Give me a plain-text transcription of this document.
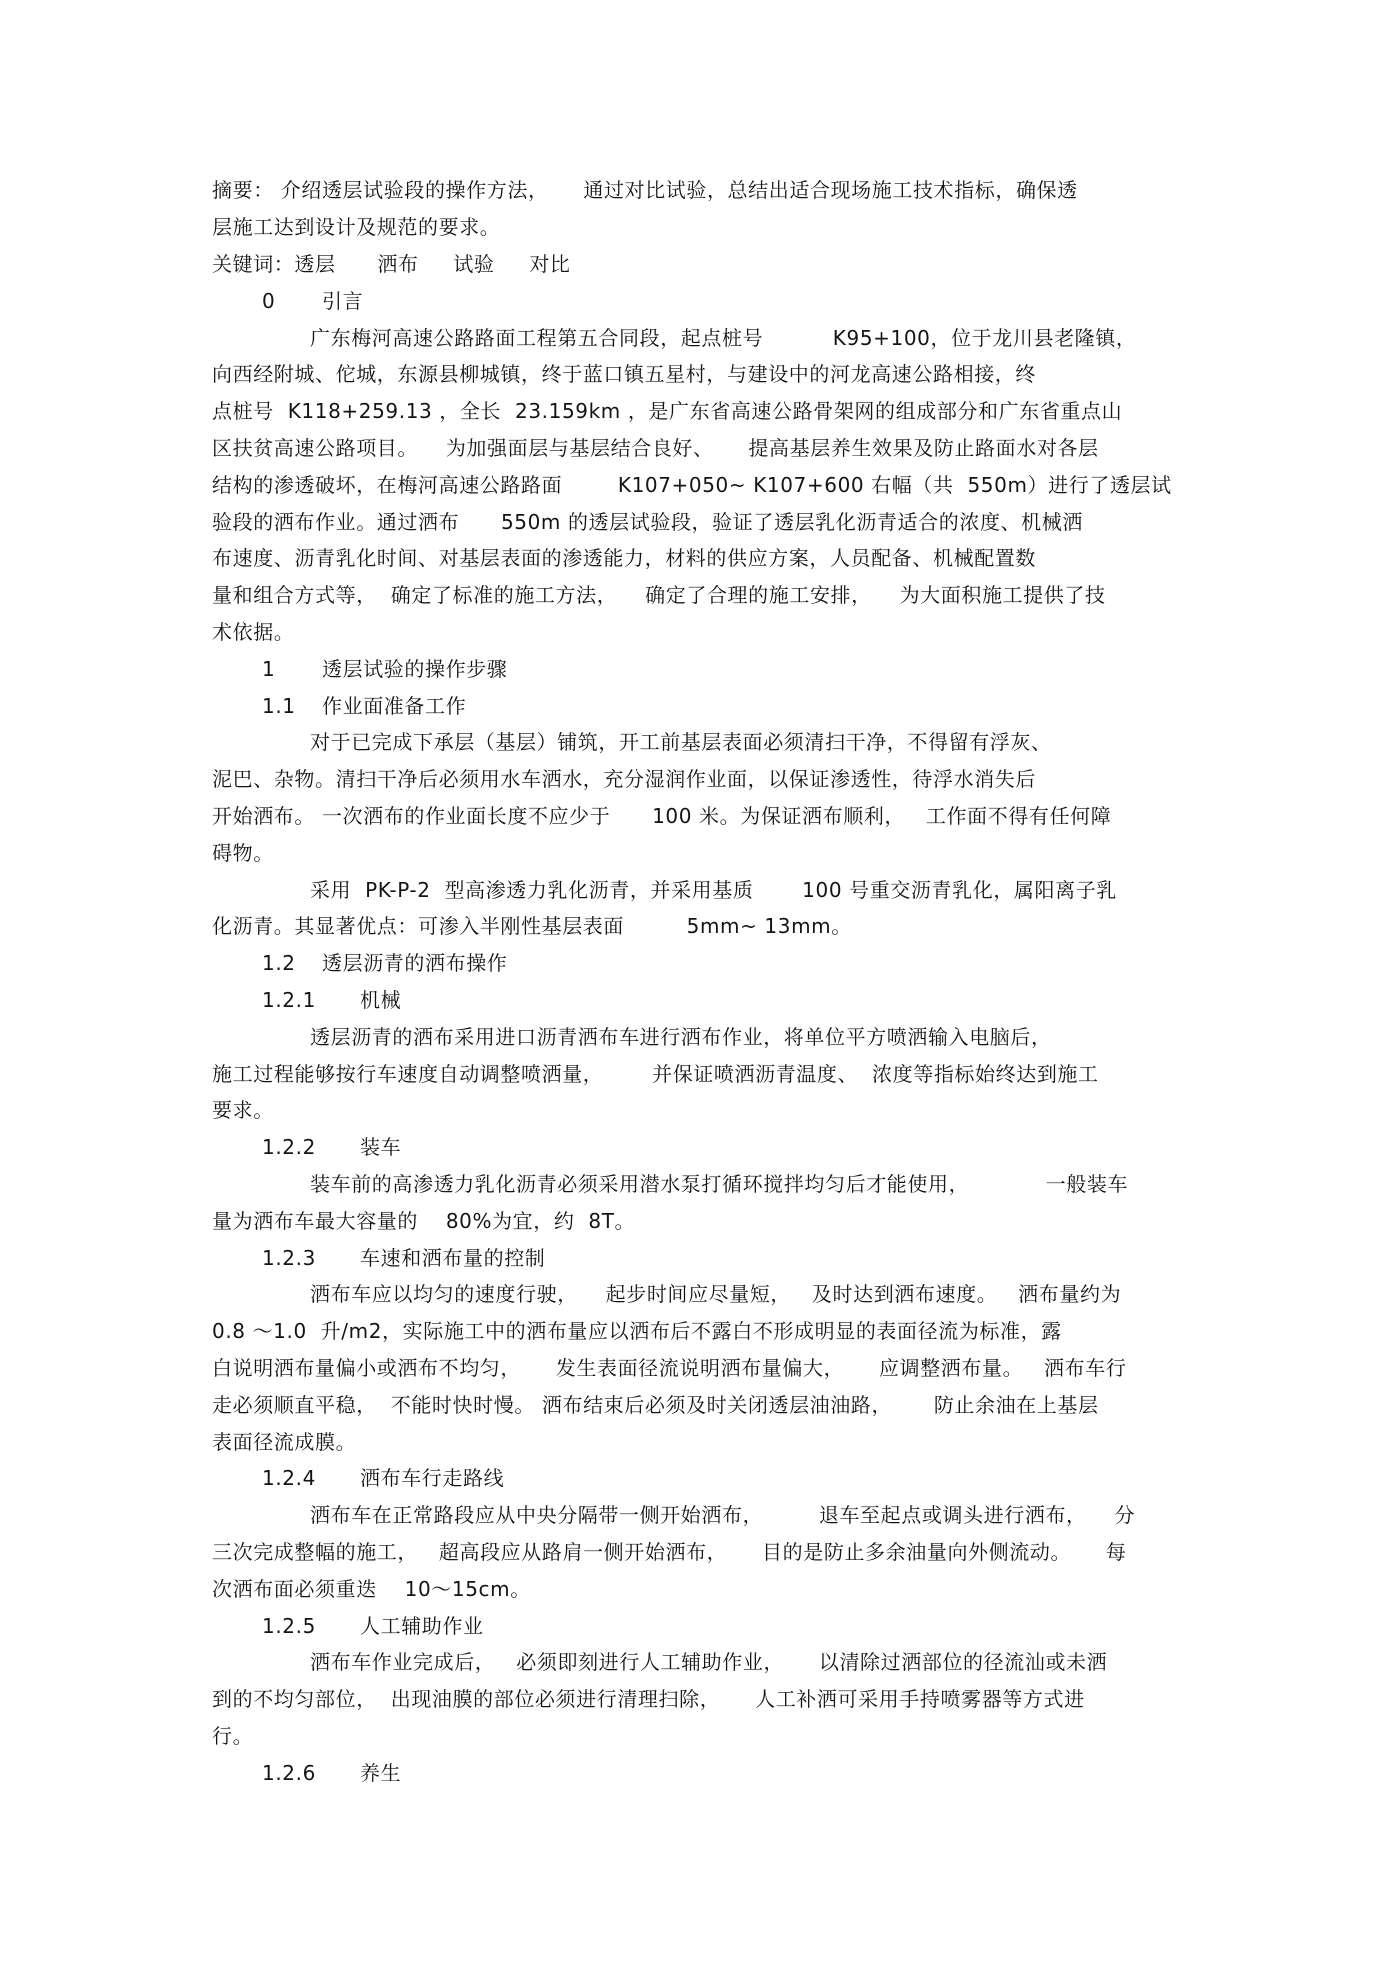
摘要： 介绍透层试验段的操作方法，     通过对比试验，总结出适合现场施工技术指标，确保透
层施工达到设计及规范的要求。
关键词：透层      洒布     试验     对比
0 引言
广东梅河高速公路路面工程第五合同段，起点桩号          K95+100，位于龙川县老隆镇，
向西经附城、佗城，东源县柳城镇，终于蓝口镇五星村，与建设中的河龙高速公路相接，终
点桩号  K118+259.13 ，全长  23.159km ，是广东省高速公路骨架网的组成部分和广东省重点山
区扶贫高速公路项目。    为加强面层与基层结合良好、     提高基层养生效果及防止路面水对各层
结构的渗透破坏，在梅河高速公路路面        K107+050~ K107+600 右幅（共  550m）进行了透层试
验段的洒布作业。通过洒布      550m 的透层试验段，验证了透层乳化沥青适合的浓度、机械洒
布速度、沥青乳化时间、对基层表面的渗透能力，材料的供应方案，人员配备、机械配置数
量和组合方式等，  确定了标准的施工方法，    确定了合理的施工安排，    为大面积施工提供了技
术依据。
1 透层试验的操作步骤
1.1 作业面准备工作
对于已完成下承层（基层）铺筑，开工前基层表面必须清扫干净，不得留有浮灰、
泥巴、杂物。清扫干净后必须用水车洒水，充分湿润作业面，以保证渗透性，待浮水消失后
开始洒布。 一次洒布的作业面长度不应少于      100 米。为保证洒布顺利，   工作面不得有任何障
碍物。
采用  PK-P-2  型高渗透力乳化沥青，并采用基质       100 号重交沥青乳化，属阳离子乳
化沥青。其显著优点：可渗入半刚性基层表面         5mm~ 13mm。
1.2 透层沥青的洒布操作
1.2.1 机械
透层沥青的洒布采用进口沥青洒布车进行洒布作业，将单位平方喷洒输入电脑后，
施工过程能够按行车速度自动调整喷洒量，       并保证喷洒沥青温度、  浓度等指标始终达到施工
要求。
1.2.2 装车
装车前的高渗透力乳化沥青必须采用潜水泵打循环搅拌均匀后才能使用，           一般装车
量为洒布车最大容量的    80%为宜，约  8T。
1.2.3 车速和洒布量的控制
洒布车应以均匀的速度行驶，    起步时间应尽量短，   及时达到洒布速度。   洒布量约为
0.8 ～1.0  升/m2，实际施工中的洒布量应以洒布后不露白不形成明显的表面径流为标准，露
白说明洒布量偏小或洒布不均匀，     发生表面径流说明洒布量偏大，     应调整洒布量。   洒布车行
走必须顺直平稳，  不能时快时慢。 洒布结束后必须及时关闭透层油油路，      防止余油在上基层
表面径流成膜。
1.2.4 洒布车行走路线
洒布车在正常路段应从中央分隔带一侧开始洒布，        退车至起点或调头进行洒布，    分
三次完成整幅的施工，   超高段应从路肩一侧开始洒布，     目的是防止多余油量向外侧流动。     每
次洒布面必须重迭    10～15cm。
1.2.5 人工辅助作业
洒布车作业完成后，   必须即刻进行人工辅助作业，     以清除过洒部位的径流汕或未洒
到的不均匀部位，  出现油膜的部位必须进行清理扫除，     人工补洒可采用手持喷雾器等方式进
行。
1.2.6 养生
